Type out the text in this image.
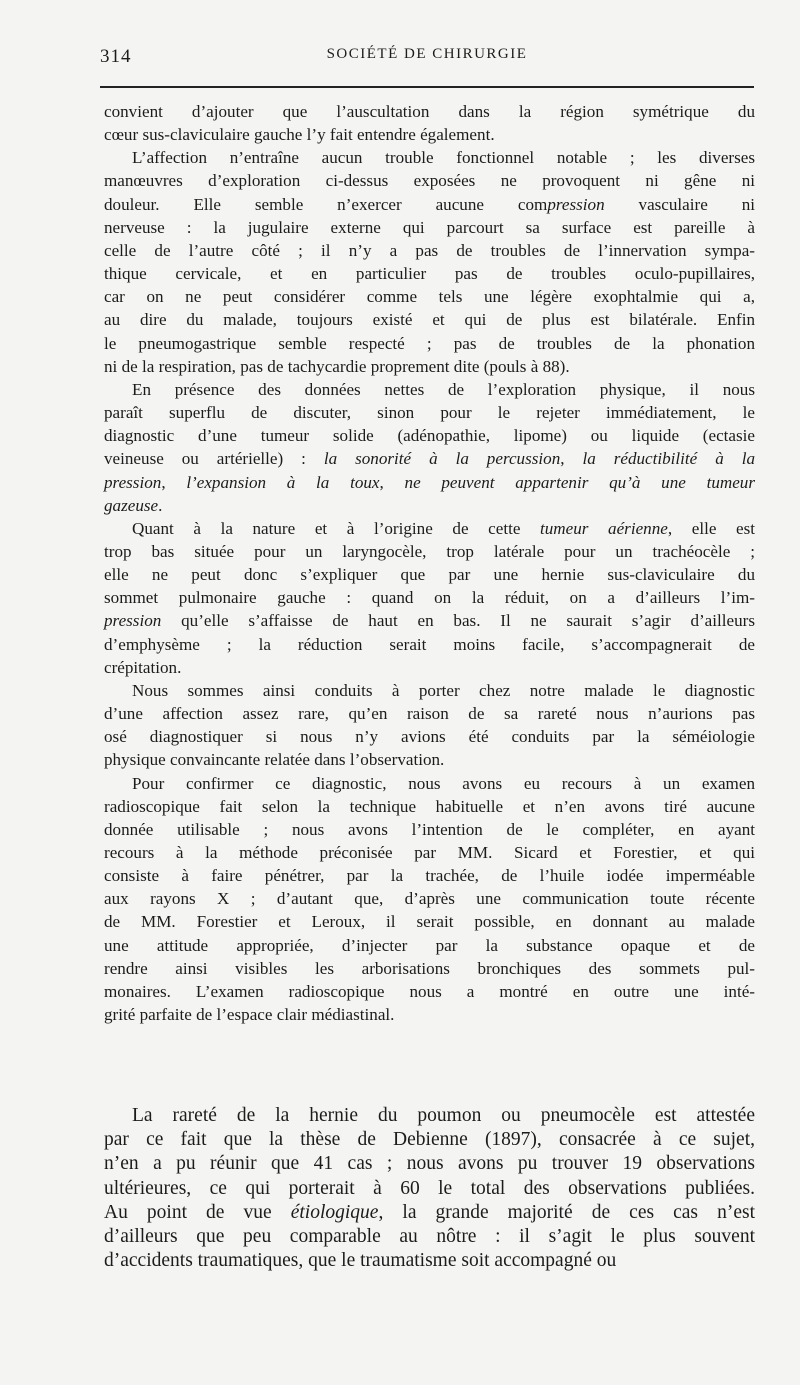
314	SOCIÉTÉ DE CHIRURGIE

convient d’ajouter que l’auscultation dans la région symétrique du
cœur sus-claviculaire gauche l’y fait entendre également.

L’affection n’entraîne aucun trouble fonctionnel notable ; les diverses
manœuvres d’exploration ci-dessus exposées ne provoquent ni gêne ni
douleur. Elle semble n’exercer aucune compression vasculaire ni
nerveuse : la jugulaire externe qui parcourt sa surface est pareille à
celle de l’autre côté ; il n’y a pas de troubles de l’innervation sympa-
thique cervicale, et en particulier pas de troubles oculo-pupillaires,
car on ne peut considérer comme tels une légère exophtalmie qui a,
au dire du malade, toujours existé et qui de plus est bilatérale. Enfin
le pneumogastrique semble respecté ; pas de troubles de la phonation
ni de la respiration, pas de tachycardie proprement dite (pouls à 88).

En présence des données nettes de l’exploration physique, il nous
paraît superflu de discuter, sinon pour le rejeter immédiatement, le
diagnostic d’une tumeur solide (adénopathie, lipome) ou liquide (ectasie
veineuse ou artérielle) : la sonorité à la percussion, la réductibilité à la
pression, l’expansion à la toux, ne peuvent appartenir qu’à une tumeur
gazeuse.

Quant à la nature et à l’origine de cette tumeur aérienne, elle est
trop bas située pour un laryngocèle, trop latérale pour un trachéocèle ;
elle ne peut donc s’expliquer que par une hernie sus-claviculaire du
sommet pulmonaire gauche : quand on la réduit, on a d’ailleurs l’im-
pression qu’elle s’affaisse de haut en bas. Il ne saurait s’agir d’ailleurs
d’emphysème ; la réduction serait moins facile, s’accompagnerait de
crépitation.

Nous sommes ainsi conduits à porter chez notre malade le diagnostic
d’une affection assez rare, qu’en raison de sa rareté nous n’aurions pas
osé diagnostiquer si nous n’y avions été conduits par la séméiologie
physique convaincante relatée dans l’observation.

Pour confirmer ce diagnostic, nous avons eu recours à un examen
radioscopique fait selon la technique habituelle et n’en avons tiré aucune
donnée utilisable ; nous avons l’intention de le compléter, en ayant
recours à la méthode préconisée par MM. Sicard et Forestier, et qui
consiste à faire pénétrer, par la trachée, de l’huile iodée imperméable
aux rayons X ; d’autant que, d’après une communication toute récente
de MM. Forestier et Leroux, il serait possible, en donnant au malade
une attitude appropriée, d’injecter par la substance opaque et de
rendre ainsi visibles les arborisations bronchiques des sommets pul-
monaires. L’examen radioscopique nous a montré en outre une inté-
grité parfaite de l’espace clair médiastinal.

La rareté de la hernie du poumon ou pneumocèle est attestée
par ce fait que la thèse de Debienne (1897), consacrée à ce sujet,
n’en a pu réunir que 41 cas ; nous avons pu trouver 19 observations
ultérieures, ce qui porterait à 60 le total des observations publiées.
Au point de vue étiologique, la grande majorité de ces cas n’est
d’ailleurs que peu comparable au nôtre : il s’agit le plus souvent
d’accidents traumatiques, que le traumatisme soit accompagné ou
